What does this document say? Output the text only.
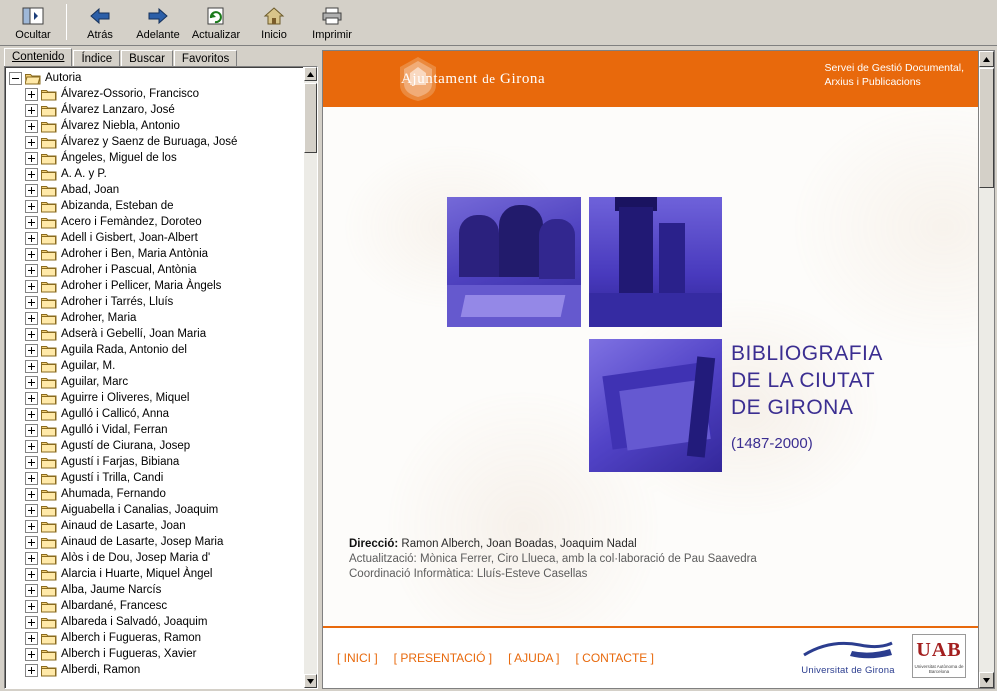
Ocultar	Atrás Adelante Actualizar Inicio Imprimir
Contenido	Índice	Buscar	Favoritos
Autoria
Álvarez-Ossorio, Francisco
Álvarez Lanzaro, José
Álvarez Niebla, Antonio
Álvarez y Saenz de Buruaga, José
Ángeles, Miguel de los
A. A. y P.
Abad, Joan
Abizanda, Esteban de
Acero i Femàndez, Doroteo
Adell i Gisbert, Joan-Albert
Adroher i Ben, Maria Antònia
Adroher i Pascual, Antònia
Adroher i Pellicer, Maria Àngels
Adroher i Tarrés, Lluís
Adroher, Maria
Adserà i Gebellí, Joan Maria
Aguila Rada, Antonio del
Aguilar, M.
Aguilar, Marc
Aguirre i Oliveres, Miquel
Agulló i Callicó, Anna
Agulló i Vidal, Ferran
Agustí de Ciurana, Josep
Agustí i Farjas, Bibiana
Agustí i Trilla, Candi
Ahumada, Fernando
Aiguabella i Canalias, Joaquim
Ainaud de Lasarte, Joan
Ainaud de Lasarte, Josep Maria
Alòs i de Dou, Josep Maria d'
Alarcia i Huarte, Miquel Àngel
Alba, Jaume Narcís
Albardané, Francesc
Albareda i Salvadó, Joaquim
Alberch i Fugueras, Ramon
Alberch i Fugueras, Xavier
Alberdi, Ramon
Ajuntament de Girona
Servei de Gestió Documental,
Arxius i Publicacions
BIBLIOGRAFIA
DE LA CIUTAT
DE GIRONA
(1487-2000)
Direcció: Ramon Alberch, Joan Boadas, Joaquim Nadal
Actualització: Mònica Ferrer, Ciro Llueca, amb la col·laboració de Pau Saavedra
Coordinació Informàtica: Lluís-Esteve Casellas
[ INICI ] [ PRESENTACIÓ ] [ AJUDA ] [ CONTACTE ]
Universitat de Girona
UAB
Universitat Autònoma de Barcelona
